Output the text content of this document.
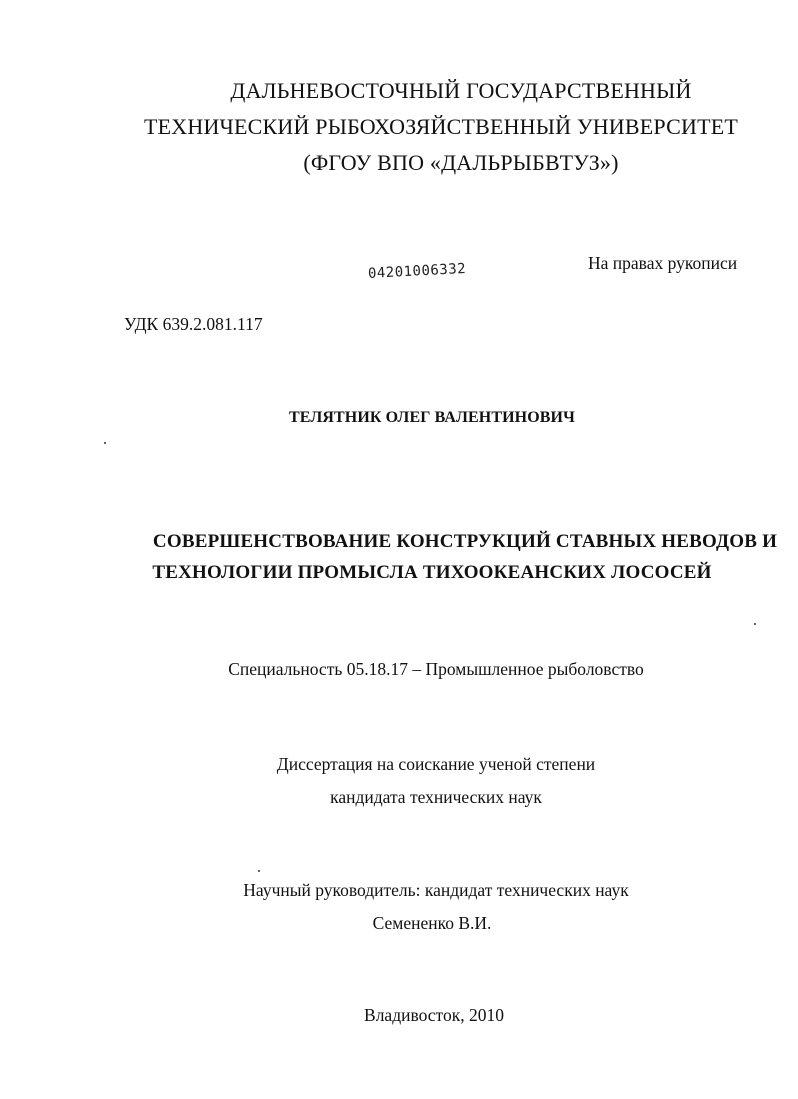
ДАЛЬНЕВОСТОЧНЫЙ ГОСУДАРСТВЕННЫЙ
ТЕХНИЧЕСКИЙ РЫБОХОЗЯЙСТВЕННЫЙ УНИВЕРСИТЕТ
(ФГОУ ВПО «ДАЛЬРЫБВТУЗ»)
04201006332	На правах рукописи
УДК 639.2.081.117
ТЕЛЯТНИК ОЛЕГ ВАЛЕНТИНОВИЧ
СОВЕРШЕНСТВОВАНИЕ КОНСТРУКЦИЙ СТАВНЫХ НЕВОДОВ И
ТЕХНОЛОГИИ ПРОМЫСЛА ТИХООКЕАНСКИХ ЛОСОСЕЙ
Специальность 05.18.17 – Промышленное рыболовство
Диссертация на соискание ученой степени
кандидата технических наук
Научный руководитель: кандидат технических наук
Семененко В.И.
Владивосток, 2010
